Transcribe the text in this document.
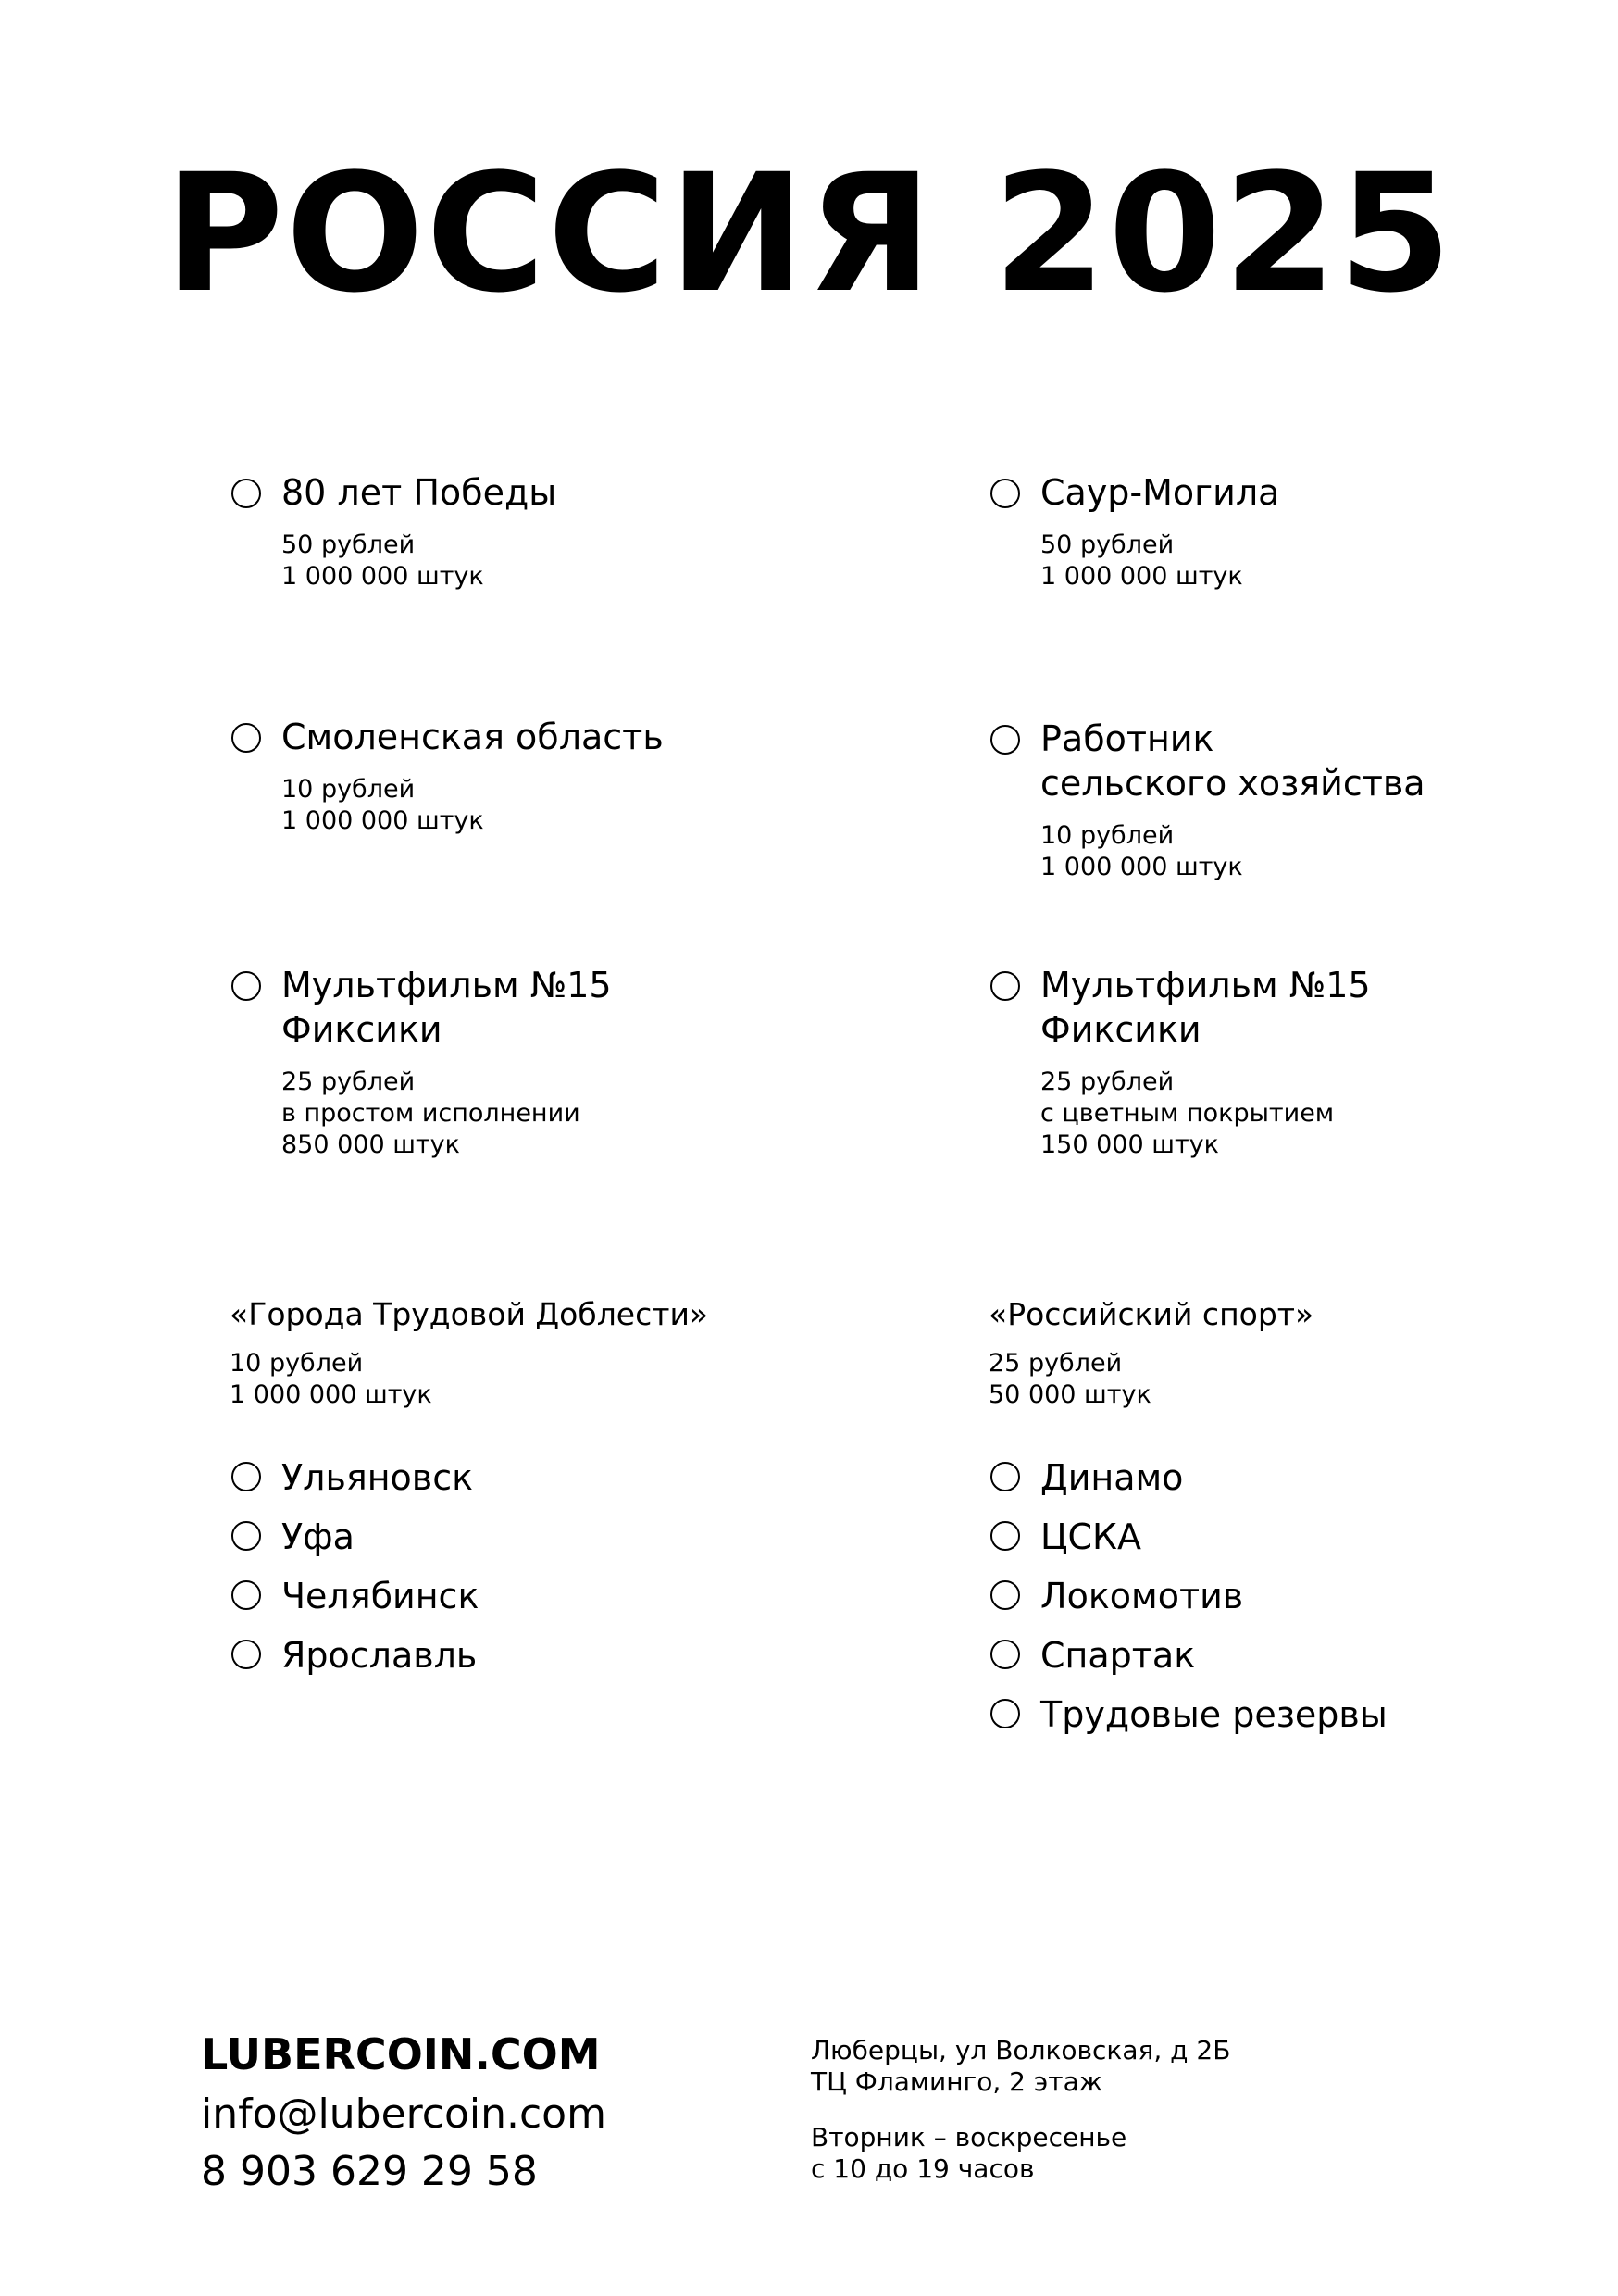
РОССИЯ 2025
80 лет Победы
50 рублей
1 000 000 штук
Смоленская область
10 рублей
1 000 000 штук
Мультфильм №15
Фиксики
25 рублей
в простом исполнении
850 000 штук
«Города Трудовой Доблести»
10 рублей
1 000 000 штук
Ульяновск
Уфа
Челябинск
Ярославль
Саур-Могила
50 рублей
1 000 000 штук
Работник
сельского хозяйства
10 рублей
1 000 000 штук
Мультфильм №15
Фиксики
25 рублей
с цветным покрытием
150 000 штук
«Российский спорт»
25 рублей
50 000 штук
Динамо
ЦСКА
Локомотив
Спартак
Трудовые резервы
LUBERCOIN.COM
info@lubercoin.com
8 903 629 29 58
Люберцы, ул Волковская, д 2Б
ТЦ Фламинго, 2 этаж
Вторник – воскресенье
с 10 до 19 часов
